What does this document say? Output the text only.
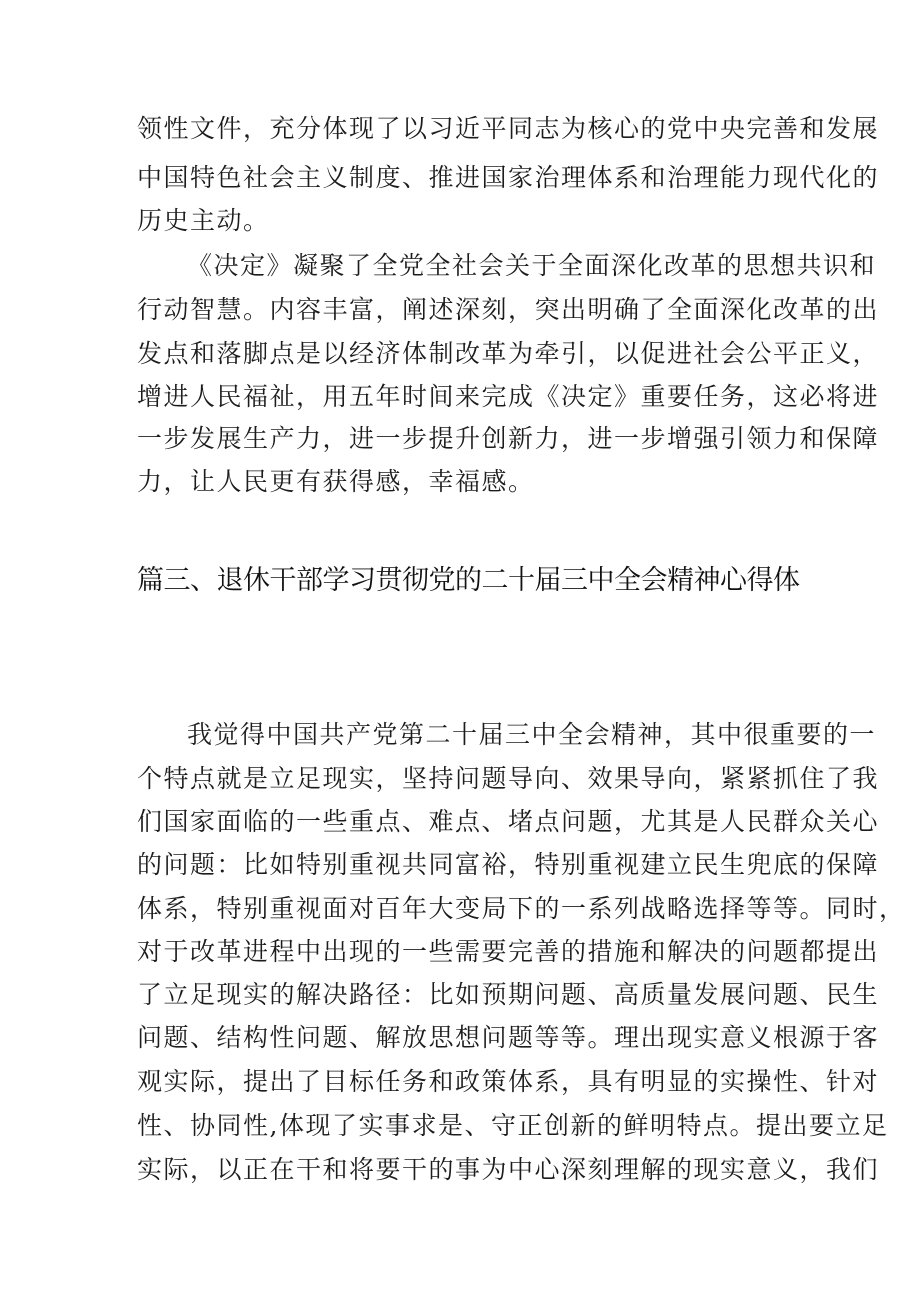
领性文件，充分体现了以习近平同志为核心的党中央完善和发展
中国特色社会主义制度、推进国家治理体系和治理能力现代化的
历史主动。
《决定》凝聚了全党全社会关于全面深化改革的思想共识和
行动智慧。内容丰富，阐述深刻，突出明确了全面深化改革的出
发点和落脚点是以经济体制改革为牵引，以促进社会公平正义，
增进人民福祉，用五年时间来完成《决定》重要任务，这必将进
一步发展生产力，进一步提升创新力，进一步增强引领力和保障
力，让人民更有获得感，幸福感。
篇三、退休干部学习贯彻党的二十届三中全会精神心得体
我觉得中国共产党第二十届三中全会精神，其中很重要的一
个特点就是立足现实，坚持问题导向、效果导向，紧紧抓住了我
们国家面临的一些重点、难点、堵点问题，尤其是人民群众关心
的问题：比如特别重视共同富裕，特别重视建立民生兜底的保障
体系，特别重视面对百年大变局下的一系列战略选择等等。同时，
对于改革进程中出现的一些需要完善的措施和解决的问题都提出
了立足现实的解决路径：比如预期问题、高质量发展问题、民生
问题、结构性问题、解放思想问题等等。理出现实意义根源于客
观实际，提出了目标任务和政策体系，具有明显的实操性、针对
性、协同性,体现了实事求是、守正创新的鲜明特点。提出要立足
实际，以正在干和将要干的事为中心深刻理解的现实意义，我们
